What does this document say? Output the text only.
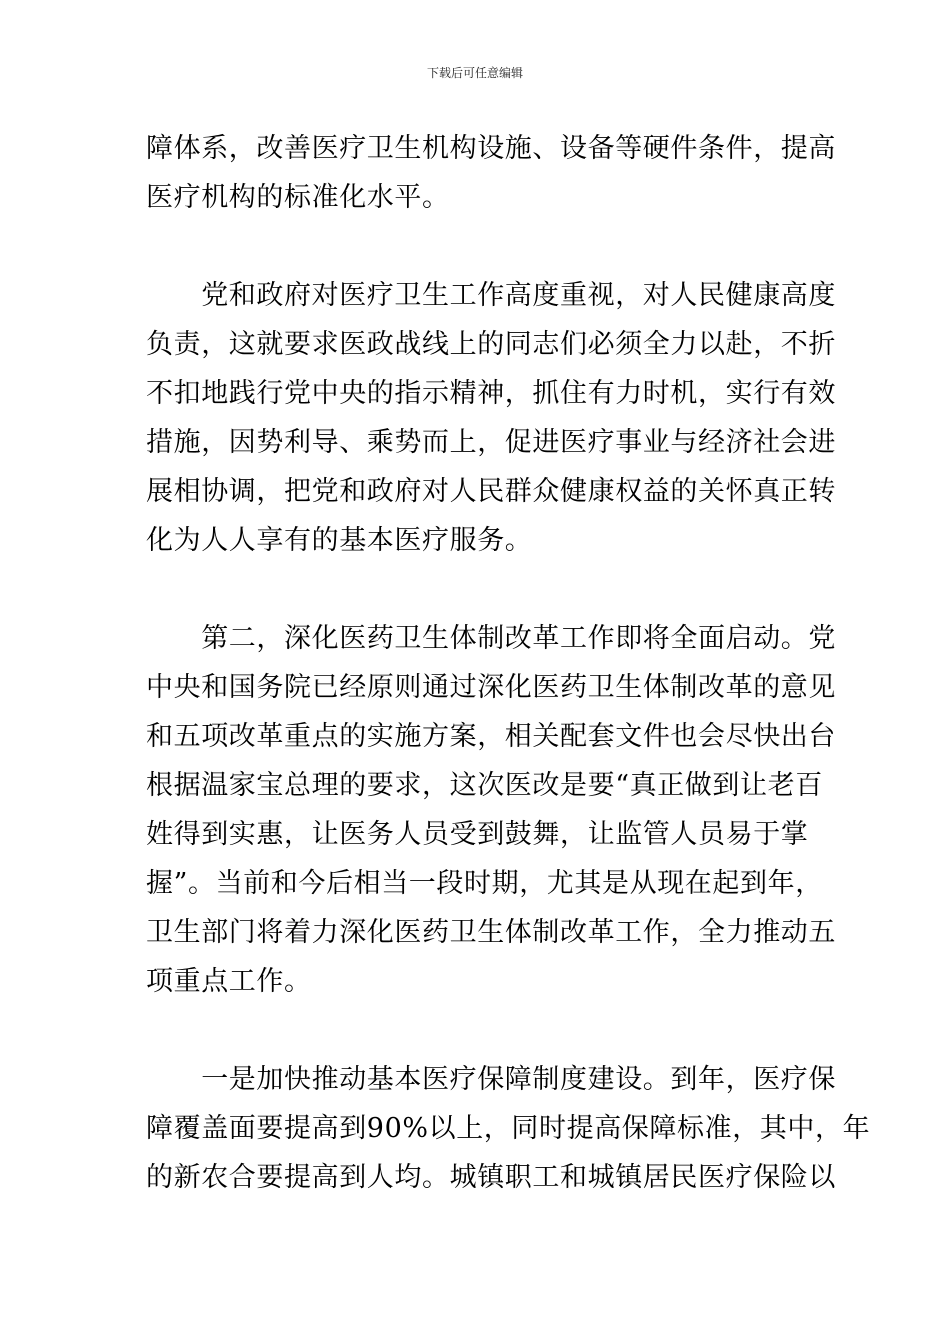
下载后可任意编辑
障体系，改善医疗卫生机构设施、设备等硬件条件，提高
医疗机构的标准化水平。
　　党和政府对医疗卫生工作高度重视，对人民健康高度
负责，这就要求医政战线上的同志们必须全力以赴，不折
不扣地践行党中央的指示精神，抓住有力时机，实行有效
措施，因势利导、乘势而上，促进医疗事业与经济社会进
展相协调，把党和政府对人民群众健康权益的关怀真正转
化为人人享有的基本医疗服务。
　　第二，深化医药卫生体制改革工作即将全面启动。党
中央和国务院已经原则通过深化医药卫生体制改革的意见
和五项改革重点的实施方案，相关配套文件也会尽快出台
根据温家宝总理的要求，这次医改是要“真正做到让老百
姓得到实惠，让医务人员受到鼓舞，让监管人员易于掌
握”。当前和今后相当一段时期，尤其是从现在起到年，
卫生部门将着力深化医药卫生体制改革工作，全力推动五
项重点工作。
　　一是加快推动基本医疗保障制度建设。到年，医疗保
障覆盖面要提高到90%以上，同时提高保障标准，其中，年
的新农合要提高到人均。城镇职工和城镇居民医疗保险以
